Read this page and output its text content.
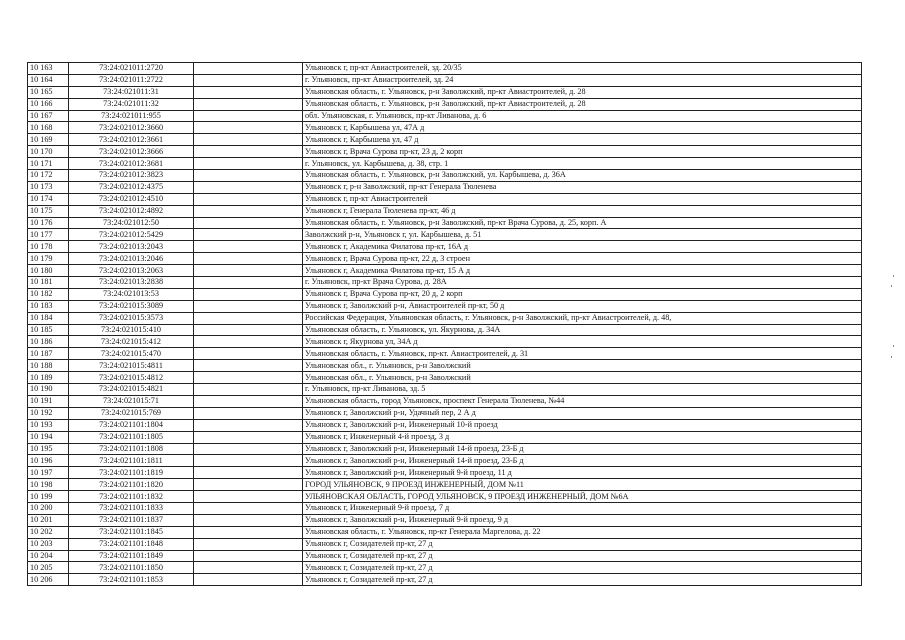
10 163	73:24:021011:2720		Ульяновск г, пр-кт Авиастроителей, зд. 20/35
10 164	73:24:021011:2722		г. Ульяновск, пр-кт Авиастроителей, зд. 24
10 165	73:24:021011:31		Ульяновская область, г. Ульяновск, р-н Заволжский, пр-кт Авиастроителей, д. 28
10 166	73:24:021011:32		Ульяновская область, г. Ульяновск, р-н Заволжский, пр-кт Авиастроителей, д. 28
10 167	73:24:021011:955		обл. Ульяновская, г. Ульяновск, пр-кт Ливанова, д. 6
10 168	73:24:021012:3660		Ульяновск г, Карбышева ул, 47А д
10 169	73:24:021012:3661		Ульяновск г, Карбышева ул, 47 д
10 170	73:24:021012:3666		Ульяновск г, Врача Сурова пр-кт, 23 д, 2 корп
10 171	73:24:021012:3681		г. Ульяновск, ул. Карбышева, д. 38, стр. 1
10 172	73:24:021012:3823		Ульяновская область, г. Ульяновск, р-н Заволжский, ул. Карбышева, д. 36А
10 173	73:24:021012:4375		Ульяновск г, р-н Заволжский, пр-кт Генерала Тюленева
10 174	73:24:021012:4510		Ульяновск г, пр-кт Авиастроителей
10 175	73:24:021012:4892		Ульяновск г, Генерала Тюленева пр-кт, 46 д
10 176	73:24:021012:50		Ульяновская область, г. Ульяновск, р-н Заволжский, пр-кт Врача Сурова, д. 25, корп. А
10 177	73:24:021012:5429		Заволжский р-н, Ульяновск г, ул. Карбышева, д. 51
10 178	73:24:021013:2043		Ульяновск г, Академика Филатова пр-кт, 16А д
10 179	73:24:021013:2046		Ульяновск г, Врача Сурова пр-кт, 22 д, 3 строен
10 180	73:24:021013:2063		Ульяновск г, Академика Филатова пр-кт, 15 А д
10 181	73:24:021013:2838		г. Ульяновск, пр-кт Врача Сурова, д. 28А
10 182	73:24:021013:53		Ульяновск г, Врача Сурова пр-кт, 20 д, 2 корп
10 183	73:24:021015:3089		Ульяновск г, Заволжский р-н, Авиастроителей пр-кт, 50 д
10 184	73:24:021015:3573		Российская Федерация, Ульяновская область, г. Ульяновск, р-н Заволжский, пр-кт Авиастроителей, д. 48,
10 185	73:24:021015:410		Ульяновская область, г. Ульяновск, ул. Якурнова, д. 34А
10 186	73:24:021015:412		Ульяновск г, Якурнова ул, 34А д
10 187	73:24:021015:470		Ульяновская область, г. Ульяновск, пр-кт. Авиастроителей, д. 31
10 188	73:24:021015:4811		Ульяновская обл., г. Ульяновск, р-н Заволжский
10 189	73:24:021015:4812		Ульяновская обл., г. Ульяновск, р-н Заволжский
10 190	73:24:021015:4821		г. Ульяновск, пр-кт Ливанова, зд. 5
10 191	73:24:021015:71		Ульяновская область, город Ульяновск, проспект Генерала Тюленева, №44
10 192	73:24:021015:769		Ульяновск г, Заволжский р-н, Удачный пер, 2 А д
10 193	73:24:021101:1804		Ульяновск г, Заволжский р-н, Инженерный 10-й проезд
10 194	73:24:021101:1805		Ульяновск г, Инженерный 4-й проезд, 3 д
10 195	73:24:021101:1808		Ульяновск г, Заволжский р-н, Инженерный 14-й проезд, 23-Б д
10 196	73:24:021101:1811		Ульяновск г, Заволжский р-н, Инженерный 14-й проезд, 23-Б д
10 197	73:24:021101:1819		Ульяновск г, Заволжский р-н, Инженерный 9-й проезд, 11 д
10 198	73:24:021101:1820		ГОРОД УЛЬЯНОВСК, 9 ПРОЕЗД ИНЖЕНЕРНЫЙ, ДОМ №11
10 199	73:24:021101:1832		УЛЬЯНОВСКАЯ ОБЛАСТЬ, ГОРОД УЛЬЯНОВСК, 9 ПРОЕЗД ИНЖЕНЕРНЫЙ, ДОМ №6А
10 200	73:24:021101:1833		Ульяновск г, Инженерный 9-й проезд, 7 д
10 201	73:24:021101:1837		Ульяновск г, Заволжский р-н, Инженерный 9-й проезд, 9 д
10 202	73:24:021101:1845		Ульяновская область, г. Ульяновск, пр-кт Генерала Маргелова, д. 22
10 203	73:24:021101:1848		Ульяновск г, Созидателей пр-кт, 27 д
10 204	73:24:021101:1849		Ульяновск г, Созидателей пр-кт, 27 д
10 205	73:24:021101:1850		Ульяновск г, Созидателей пр-кт, 27 д
10 206	73:24:021101:1853		Ульяновск г, Созидателей пр-кт, 27 д
